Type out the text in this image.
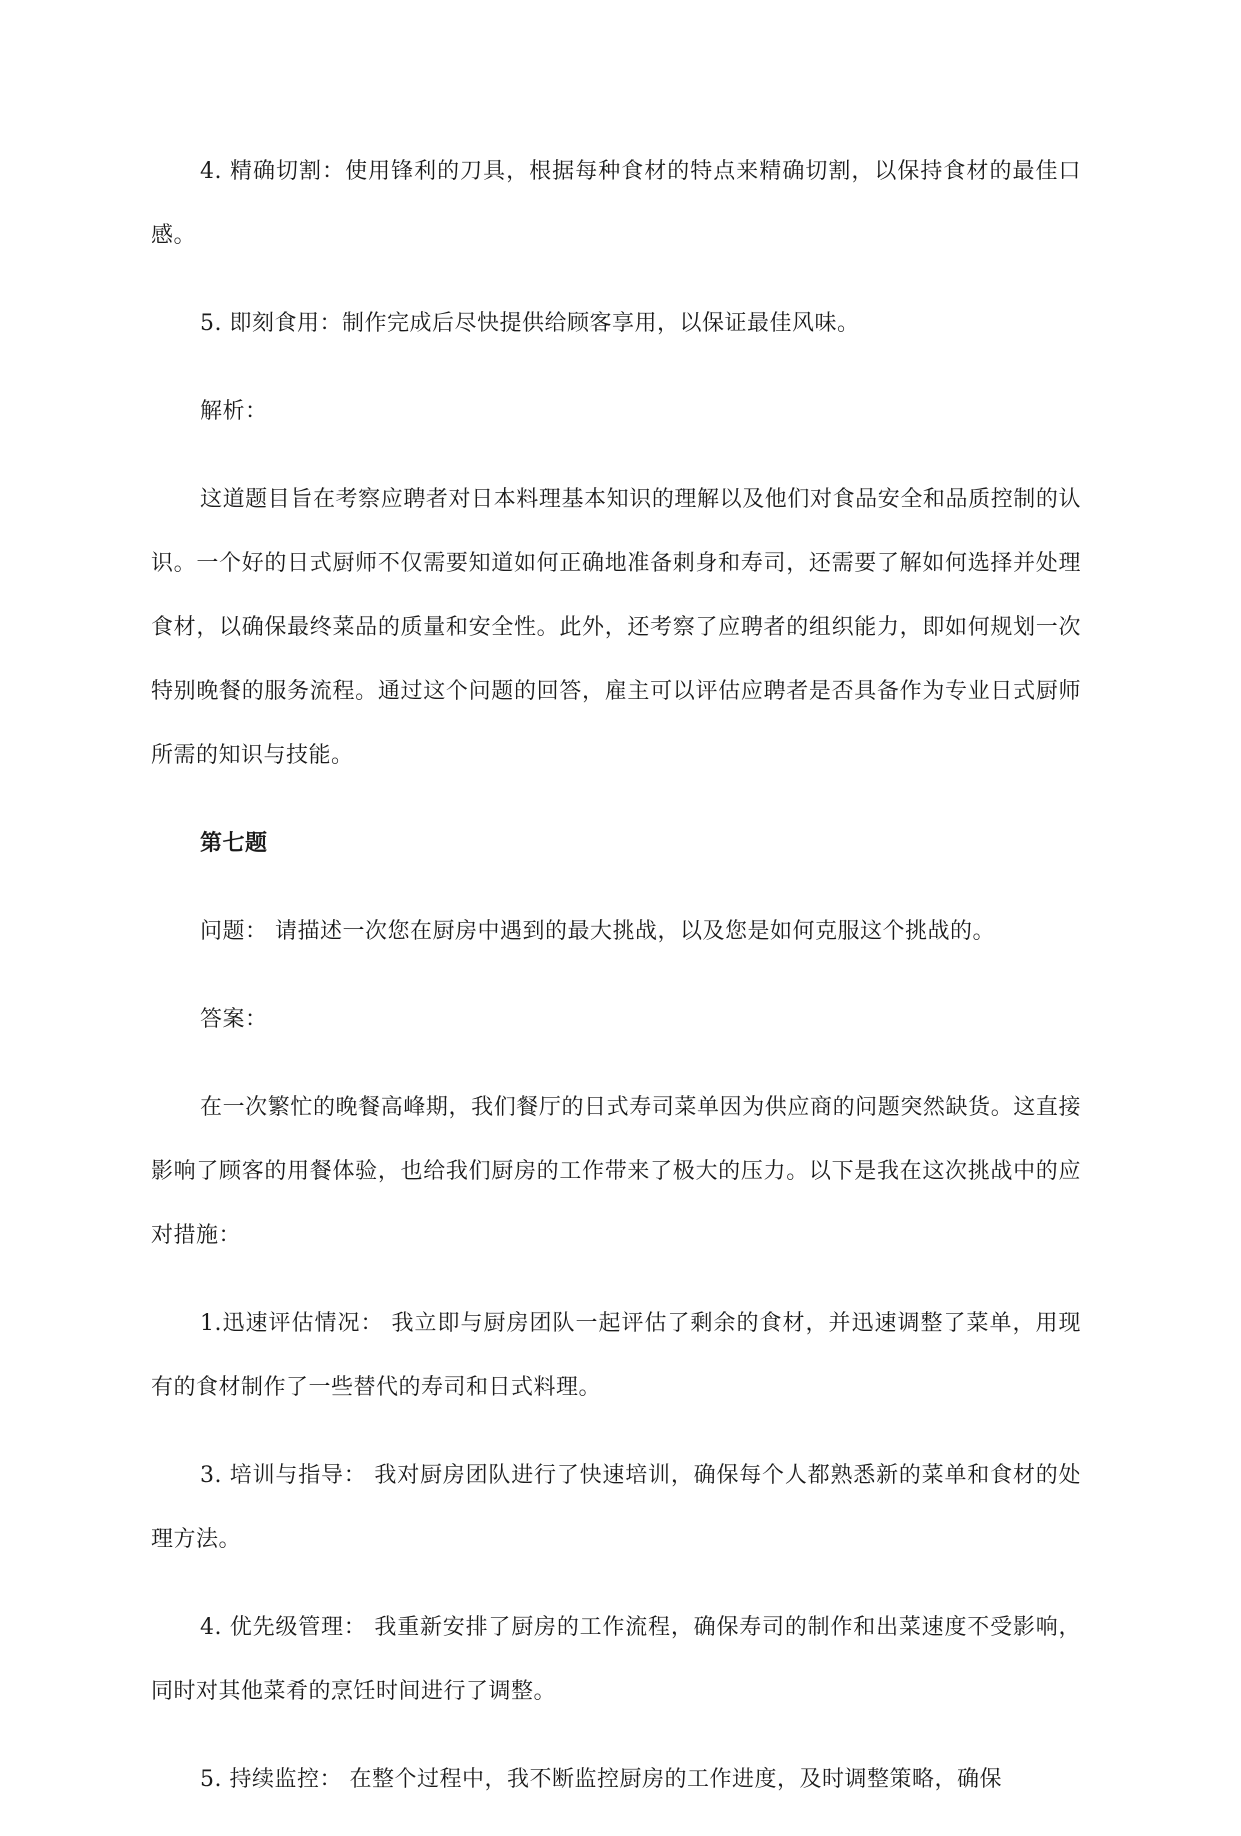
4. 精确切割：使用锋利的刀具，根据每种食材的特点来精确切割，以保持食材的最佳口感。

5. 即刻食用：制作完成后尽快提供给顾客享用，以保证最佳风味。

解析：

这道题目旨在考察应聘者对日本料理基本知识的理解以及他们对食品安全和品质控制的认识。一个好的日式厨师不仅需要知道如何正确地准备刺身和寿司，还需要了解如何选择并处理食材，以确保最终菜品的质量和安全性。此外，还考察了应聘者的组织能力，即如何规划一次特别晚餐的服务流程。通过这个问题的回答，雇主可以评估应聘者是否具备作为专业日式厨师所需的知识与技能。

第七题

问题： 请描述一次您在厨房中遇到的最大挑战，以及您是如何克服这个挑战的。

答案：

在一次繁忙的晚餐高峰期，我们餐厅的日式寿司菜单因为供应商的问题突然缺货。这直接影响了顾客的用餐体验，也给我们厨房的工作带来了极大的压力。以下是我在这次挑战中的应对措施：

1.迅速评估情况： 我立即与厨房团队一起评估了剩余的食材，并迅速调整了菜单，用现有的食材制作了一些替代的寿司和日式料理。

3. 培训与指导： 我对厨房团队进行了快速培训，确保每个人都熟悉新的菜单和食材的处理方法。

4. 优先级管理： 我重新安排了厨房的工作流程，确保寿司的制作和出菜速度不受影响，同时对其他菜肴的烹饪时间进行了调整。

5. 持续监控： 在整个过程中，我不断监控厨房的工作进度，及时调整策略，确保
